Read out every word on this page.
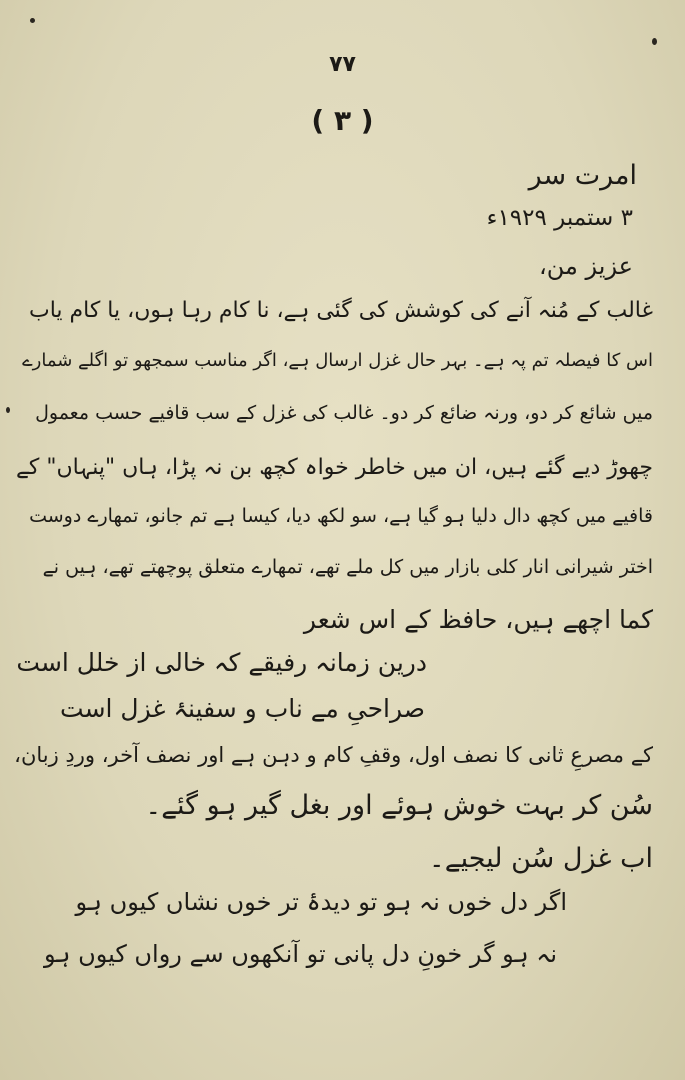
٧٧
( ٣ )
امرت سر
٣ ستمبر ١٩٢٩ء
عزیز من،
غالب کے مُنہ آنے کی کوشش کی گئی ہے، نا کام رہا ہوں، یا کام یاب
اس کا فیصلہ تم پہ ہے۔ بہر حال غزل ارسال ہے، اگر مناسب سمجھو تو اگلے شمارے
میں شائع کر دو، ورنہ ضائع کر دو۔ غالب کی غزل کے سب قافیے حسب معمول
چھوڑ دیے گئے ہیں، ان میں خاطر خواہ کچھ بن نہ پڑا، ہاں "پنہاں" کے
قافیے میں کچھ دال دلیا ہو گیا ہے، سو لکھ دیا، کیسا ہے تم جانو، تمھارے دوست
اختر شیرانی انار کلی بازار میں کل ملے تھے، تمھارے متعلق پوچھتے تھے، ہیں نے
کما اچھے ہیں، حافظ کے اس شعر
درین زمانہ رفیقے کہ خالی از خلل است
صراحیِ مے ناب و سفینۂ غزل است
کے مصرعِ ثانی کا نصف اول، وقفِ کام و دہن ہے اور نصف آخر، وردِ زبان،
سُن کر بہت خوش ہوئے اور بغل گیر ہو گئے۔
اب غزل سُن لیجیے۔
اگر دل خوں نہ ہو تو دیدۂ تر خوں نشاں کیوں ہو
نہ ہو گر خونِ دل پانی تو آنکھوں سے رواں کیوں ہو
